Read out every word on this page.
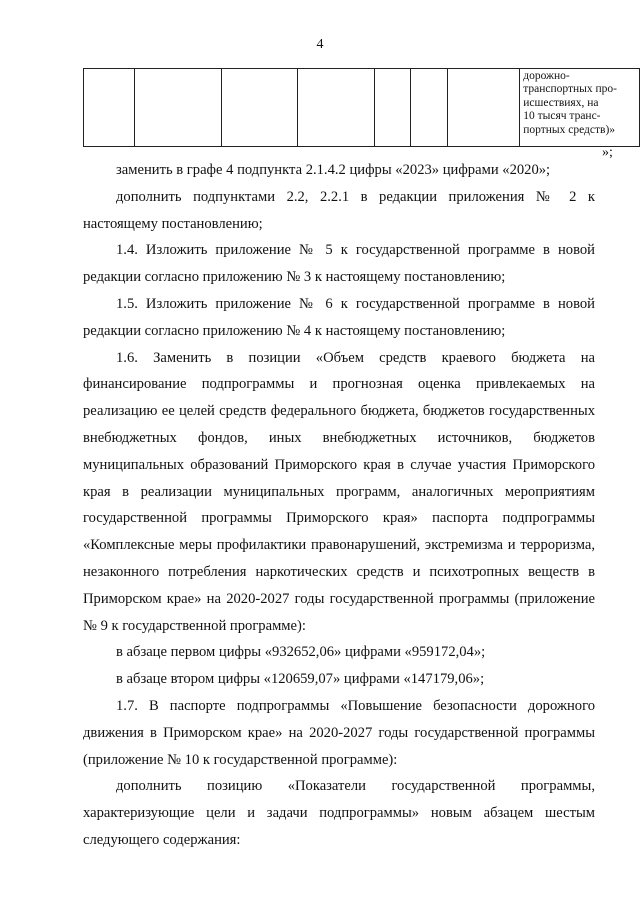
4

дорожно-
транспортных про-
исшествиях, на
10 тысяч транс-
портных средств)»
»;

заменить в графе 4 подпункта 2.1.4.2 цифры «2023» цифрами «2020»;

дополнить подпунктами 2.2, 2.2.1 в редакции приложения № 2 к настоящему постановлению;

1.4. Изложить приложение № 5 к государственной программе в новой редакции согласно приложению № 3 к настоящему постановлению;

1.5. Изложить приложение № 6 к государственной программе в новой редакции согласно приложению № 4 к настоящему постановлению;

1.6. Заменить в позиции «Объем средств краевого бюджета на финансирование подпрограммы и прогнозная оценка привлекаемых на реализацию ее целей средств федерального бюджета, бюджетов государственных внебюджетных фондов, иных внебюджетных источников, бюджетов муниципальных образований Приморского края в случае участия Приморского края в реализации муниципальных программ, аналогичных мероприятиям государственной программы Приморского края» паспорта подпрограммы «Комплексные меры профилактики правонарушений, экстремизма и терроризма, незаконного потребления наркотических средств и психотропных веществ в Приморском крае» на 2020-2027 годы государственной программы (приложение № 9 к государственной программе):

в абзаце первом цифры «932652,06» цифрами «959172,04»;

в абзаце втором цифры «120659,07» цифрами «147179,06»;

1.7. В паспорте подпрограммы «Повышение безопасности дорожного движения в Приморском крае» на 2020-2027 годы государственной программы (приложение № 10 к государственной программе):

дополнить позицию «Показатели государственной программы, характеризующие цели и задачи подпрограммы» новым абзацем шестым следующего содержания:
